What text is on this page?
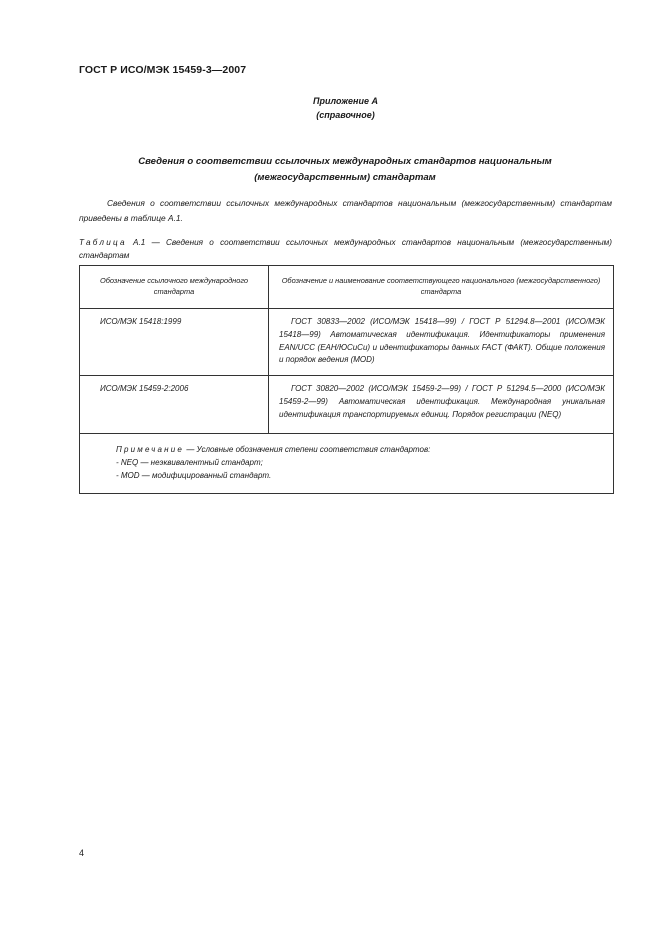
ГОСТ Р ИСО/МЭК 15459-3—2007
Приложение А
(справочное)
Сведения о соответствии ссылочных международных стандартов национальным
(межгосударственным) стандартам
Сведения о соответствии ссылочных международных стандартов национальным (межгосударственным) стандартам приведены в таблице А.1.
Таблица А.1 — Сведения о соответствии ссылочных международных стандартов национальным (межгосударственным) стандартам
Обозначение ссылочного международного стандарта	Обозначение и наименование соответствующего национального (межгосударственного) стандарта
ИСО/МЭК 15418:1999	ГОСТ 30833—2002 (ИСО/МЭК 15418—99) / ГОСТ Р 51294.8—2001 (ИСО/МЭК 15418—99) Автоматическая идентификация. Идентификаторы применения EAN/UCC (ЕАН/ЮСиСи) и идентификаторы данных FACT (ФАКТ). Общие положения и порядок ведения (MOD)
ИСО/МЭК 15459-2:2006	ГОСТ 30820—2002 (ИСО/МЭК 15459-2—99) / ГОСТ Р 51294.5—2000 (ИСО/МЭК 15459-2—99) Автоматическая идентификация. Международная уникальная идентификация транспортируемых единиц. Порядок регистрации (NEQ)

Примечание — Условные обозначения степени соответствия стандартов:
- NEQ — неэквивалентный стандарт;
- MOD — модифицированный стандарт.	
4
